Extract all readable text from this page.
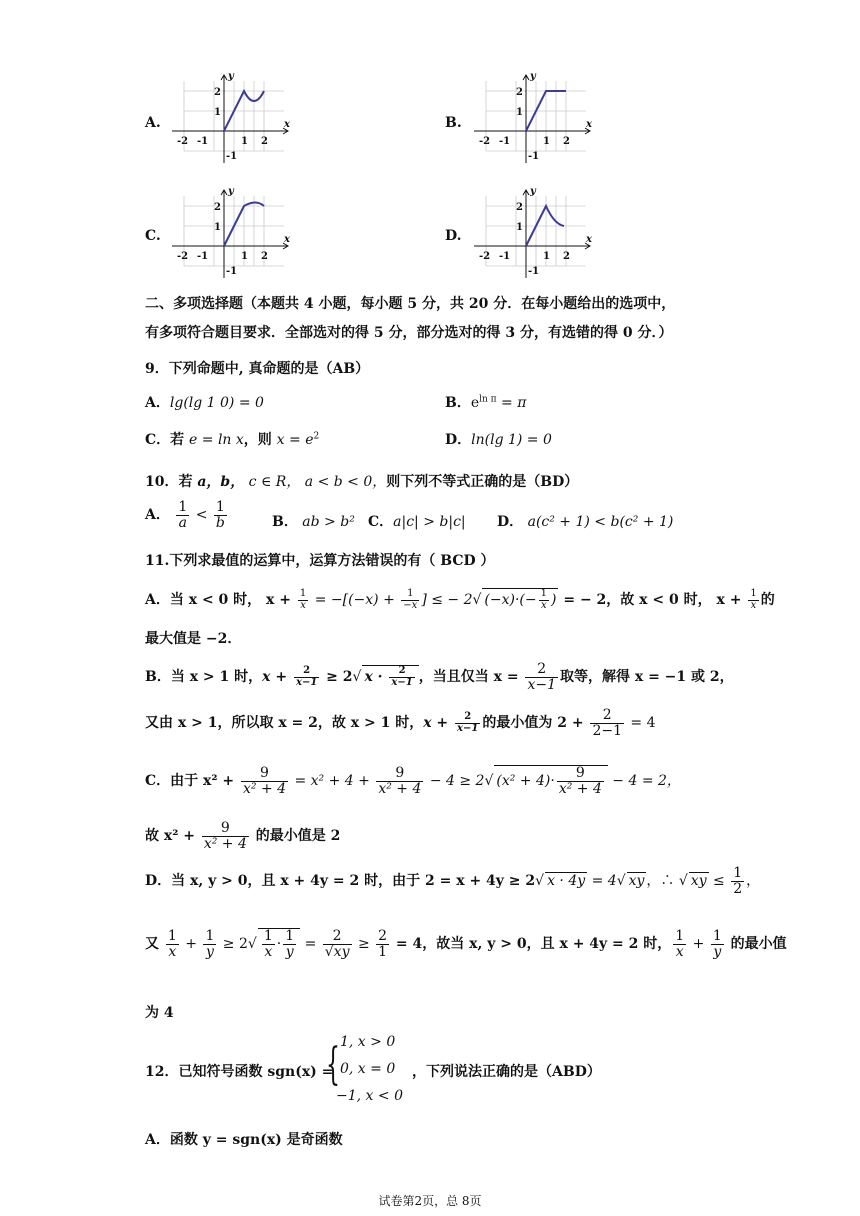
A.	B.
C.	D.
x
y
-2 -1	1 2
2
1
-1
x
y
-2 -1	1 2
2
1
-1
x
y
-2 -1	1 2
2
1
-1
x
y
-2 -1	1 2
2
1
-1
二、多项选择题（本题共 4 小题，每小题 5 分，共 20 分．在每小题给出的选项中，
有多项符合题目要求．全部选对的得 5 分，部分选对的得 3 分，有选错的得 0 分．）
9．下列命题中, 真命题的是（AB）
A．lg(lg 1 0) = 0	B．$e^{ln \pi} = \pi$
C．若 e = ln x，则 $x = e^2$	D．ln(lg 1) = 0
10．若 a，b， c ∈ R， a < b < 0，则下列不等式正确的是（BD）
A． $\frac{1}{a} < \frac{1}{b}$	B． ab > b² C．a|c| > b|c| D． a(c² + 1) < b(c² + 1)
11.下列求最值的运算中，运算方法错误的有（ BCD ）
A．当 x < 0 时， $x + \frac{1}{x} = -[(-x) + \frac{1}{-x}$ ] ≤ − 2√ $(-x)\cdot(- \frac{1}{x}$ ) = − 2，故 x < 0 时， $x + \frac{1}{x}$ 的
最大值是 −2．
B．当 x > 1 时，$x + \frac{2}{x-1} \ge 2√$ $x \cdot \frac{2}{x-1}$ ，当且仅当 $x = \frac{2}{x-1}$ 取等，解得 x = −1 或 2，
又由 x > 1，所以取 x = 2，故 x > 1 时，$x + \frac{2}{x-1}$ 的最小值为 $2 + \frac{2}{2-1} = 4$
C．由于 $x^2 + \frac{9}{\text{x² + 4}} = x^2 + 4 + \frac{9}{\text{x² + 4}} - 4 \ge 2√$ $(x^2 + 4)\cdot \frac{9}{\text{x² + 4}} - 4 = 2$，
故 $x^2 + \frac{9}{\text{x² + 4}}$ 的最小值是 2
D．当 x, y > 0，且 x + 4y = 2 时，由于 2 = x + 4y ≥ 2√ x · 4y = 4√ xy ，∴ √ xy ≤ $\frac{1}{2}$ ，
又 $\frac{1}{x} + \frac{1}{y} \ge 2√ \frac{1}{x} \cdot \frac{1}{y} = \frac{2}{√xy} \ge \frac{2}{1} = 4$，故当 x, y > 0，且 x + 4y = 2 时， $\frac{1}{x} + \frac{1}{y}$ 的最小值
为 4
12．已知符号函数 sgn(x) =
{ 1, x > 0
0, x = 0
−1, x < 0
，下列说法正确的是（ABD）
A．函数 y = sgn(x) 是奇函数
试卷第2页，总 8页
